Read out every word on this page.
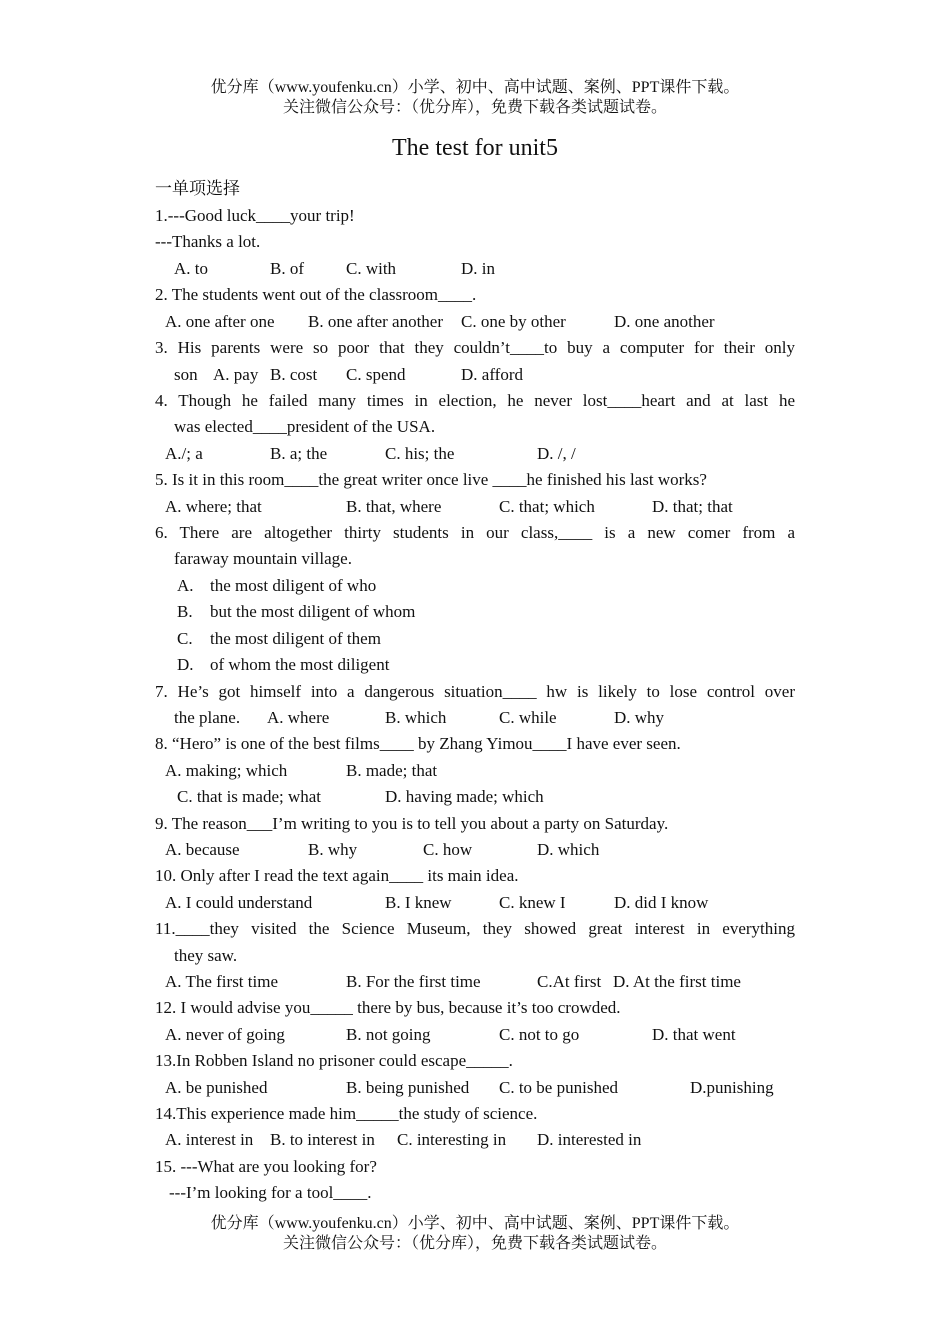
优分库（www.youfenku.cn）小学、初中、高中试题、案例、PPT课件下载。
关注微信公众号：（优分库），免费下载各类试题试卷。
The test for unit5
一单项选择
1.---Good luck____your trip!
---Thanks a lot.
A. to	B. of C. with	D. in
2. The students went out of the classroom____.
A. one after one B. one after another C. one by other	D. one another
3. His parents were so poor that they couldn’t____to buy a computer for their only
son A. pay B. cost C. spend	D. afford
4. Though he failed many times in election, he never lost____heart and at last he
was elected____president of the USA.
A./; a	B. a; the	C. his; the	D. /, /
5. Is it in this room____the great writer once live ____he finished his last works?
A. where; that	B. that, where	C. that; which	D. that; that
6. There are altogether thirty students in our class,____ is a new comer from a
faraway mountain village.
A. the most diligent of who
B. but the most diligent of whom
C. the most diligent of them
D. of whom the most diligent
7. He’s got himself into a dangerous situation____ hw is likely to lose control over
the plane. A. where	B. which	C. while	D. why
8. “Hero” is one of the best films____ by Zhang Yimou____I have ever seen.
A. making; which	B. made; that
C. that is made; what	D. having made; which
9. The reason___I’m writing to you is to tell you about a party on Saturday.
A. because	B. why	C. how	D. which
10. Only after I read the text again____ its main idea.
A. I could understand	B. I knew	C. knew I	D. did I know
11.____they visited the Science Museum, they showed great interest in everything
they saw.
A. The first time	B. For the first time	C.At first D. At the first time
12. I would advise you_____ there by bus, because it’s too crowded.
A. never of going	B. not going	C. not to go	D. that went
13.In Robben Island no prisoner could escape_____.
A. be punished	B. being punished C. to be punished	D.punishing
14.This experience made him_____the study of science.
A. interest in B. to interest in C. interesting in D. interested in
15. ---What are you looking for?
---I’m looking for a tool____.
优分库（www.youfenku.cn）小学、初中、高中试题、案例、PPT课件下载。
关注微信公众号：（优分库），免费下载各类试题试卷。
